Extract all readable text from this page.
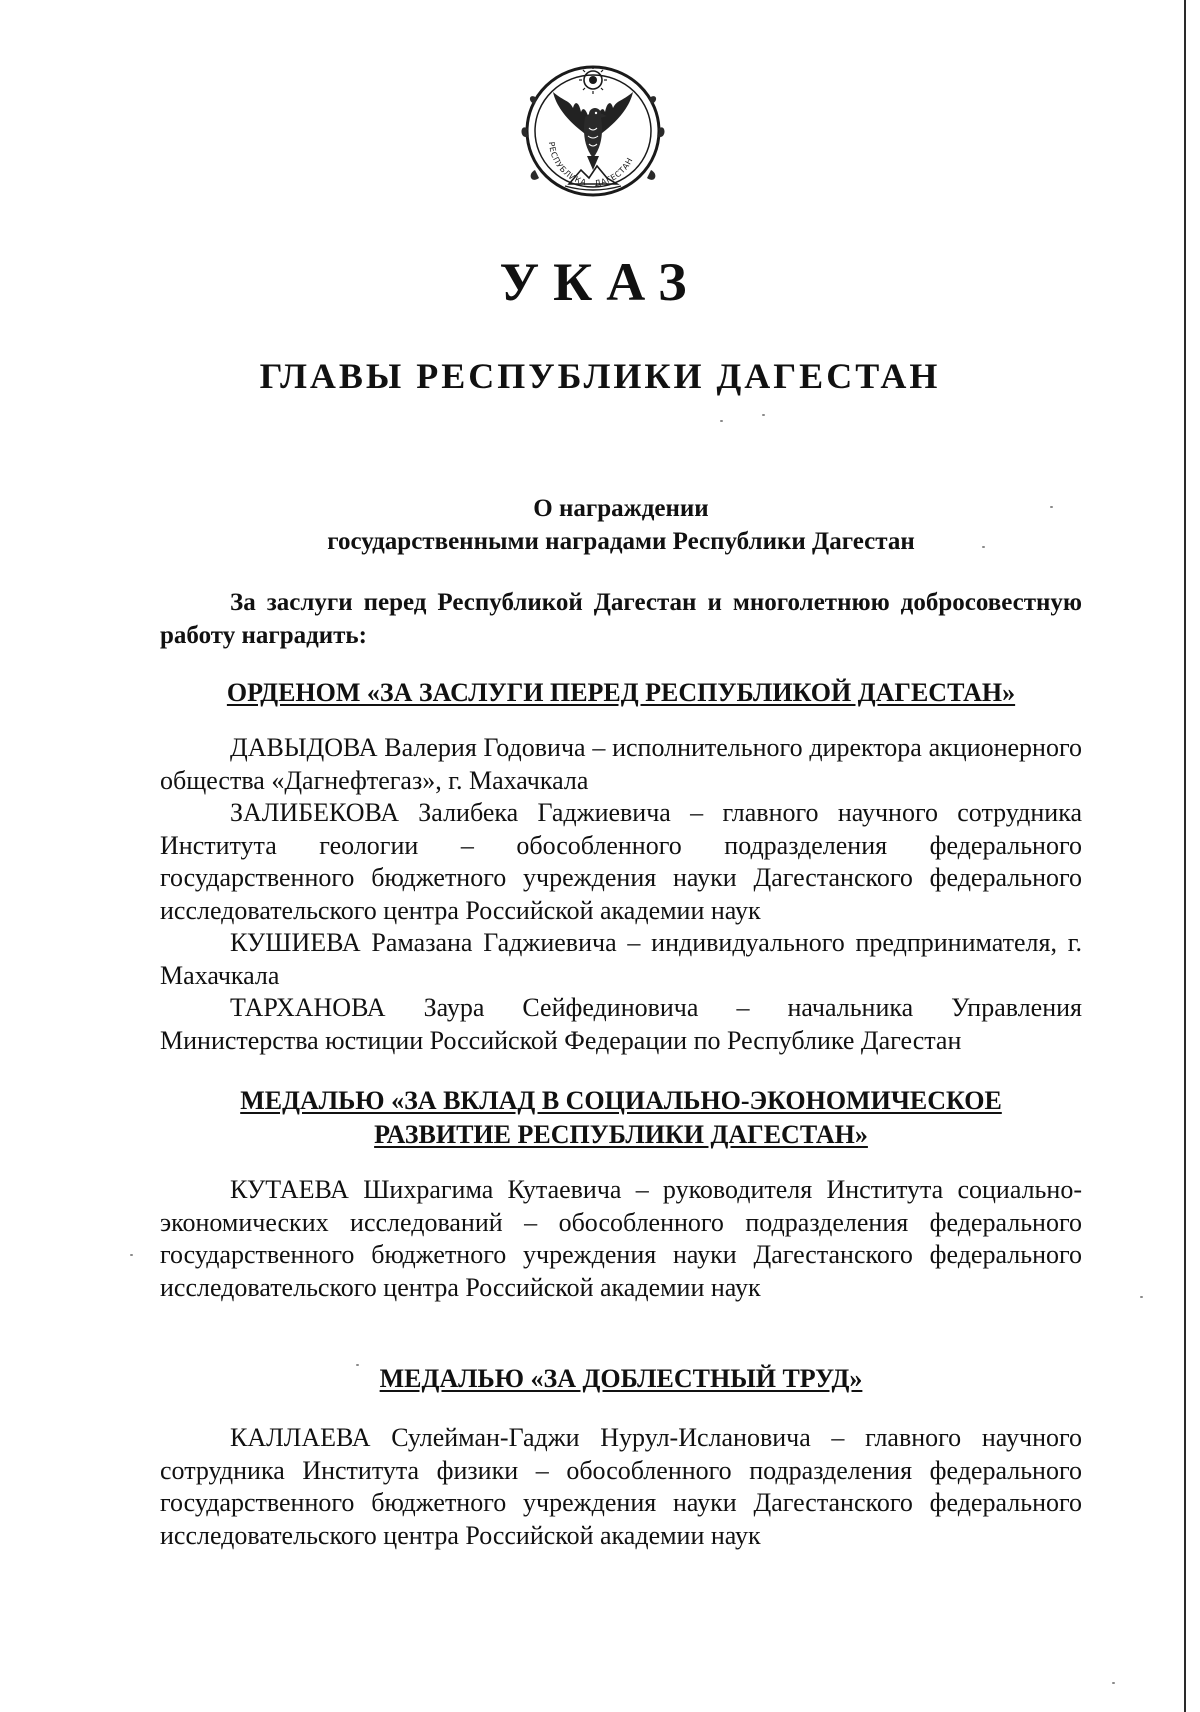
РЕСПУБЛИКА ДАГЕСТАН
УКАЗ
ГЛАВЫ РЕСПУБЛИКИ ДАГЕСТАН
О награждении
государственными наградами Республики Дагестан

За заслуги перед Республикой Дагестан и многолетнюю добросовестную работу наградить:

ОРДЕНОМ «ЗА ЗАСЛУГИ ПЕРЕД РЕСПУБЛИКОЙ ДАГЕСТАН»

ДАВЫДОВА Валерия Годовича – исполнительного директора акционерного общества «Дагнефтегаз», г. Махачкала

ЗАЛИБЕКОВА Залибека Гаджиевича – главного научного сотрудника Института геологии – обособленного подразделения федерального государственного бюджетного учреждения науки Дагестанского федерального исследовательского центра Российской академии наук

КУШИЕВА Рамазана Гаджиевича – индивидуального предпринимателя, г. Махачкала

ТАРХАНОВА Заура Сейфединовича – начальника Управления Министерства юстиции Российской Федерации по Республике Дагестан

МЕДАЛЬЮ «ЗА ВКЛАД В СОЦИАЛЬНО-ЭКОНОМИЧЕСКОЕ
РАЗВИТИЕ РЕСПУБЛИКИ ДАГЕСТАН»

КУТАЕВА Шихрагима Кутаевича – руководителя Института социально-экономических исследований – обособленного подразделения федерального государственного бюджетного учреждения науки Дагестанского федерального исследовательского центра Российской академии наук

МЕДАЛЬЮ «ЗА ДОБЛЕСТНЫЙ ТРУД»

КАЛЛАЕВА Сулейман-Гаджи Нурул-Ислановича – главного научного сотрудника Института физики – обособленного подразделения федерального государственного бюджетного учреждения науки Дагестанского федерального исследовательского центра Российской академии наук
